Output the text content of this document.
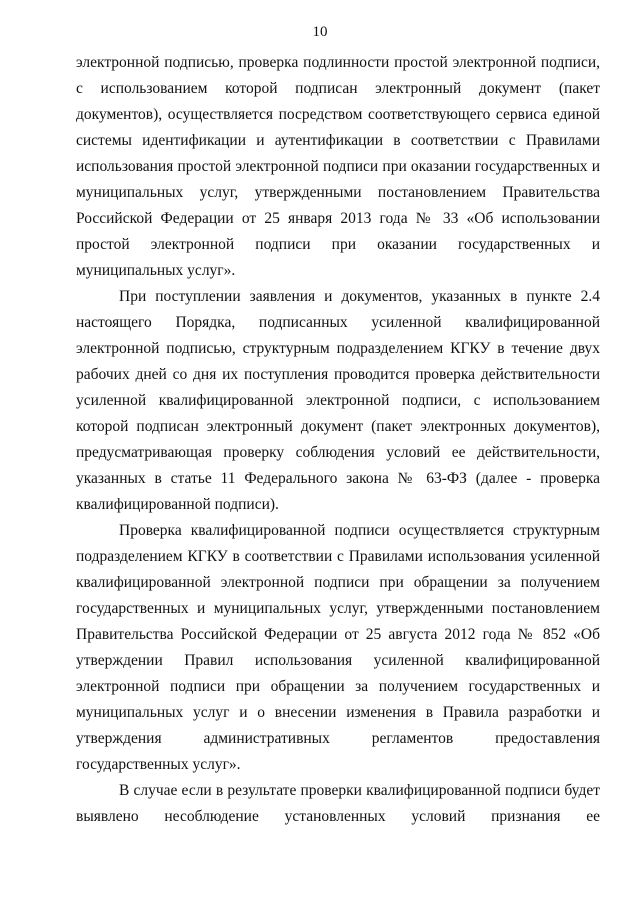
10

электронной подписью, проверка подлинности простой электронной подписи, с использованием которой подписан электронный документ (пакет документов), осуществляется посредством соответствующего сервиса единой системы идентификации и аутентификации в соответствии с Правилами использования простой электронной подписи при оказании государственных и муниципальных услуг, утвержденными постановлением Правительства Российской Федерации от 25 января 2013 года № 33 «Об использовании простой электронной подписи при оказании государственных и муниципальных услуг».

При поступлении заявления и документов, указанных в пункте 2.4 настоящего Порядка, подписанных усиленной квалифицированной электронной подписью, структурным подразделением КГКУ в течение двух рабочих дней со дня их поступления проводится проверка действительности усиленной квалифицированной электронной подписи, с использованием которой подписан электронный документ (пакет электронных документов), предусматривающая проверку соблюдения условий ее действительности, указанных в статье 11 Федерального закона № 63-ФЗ (далее - проверка квалифицированной подписи).

Проверка квалифицированной подписи осуществляется структурным подразделением КГКУ в соответствии с Правилами использования усиленной квалифицированной электронной подписи при обращении за получением государственных и муниципальных услуг, утвержденными постановлением Правительства Российской Федерации от 25 августа 2012 года № 852 «Об утверждении Правил использования усиленной квалифицированной электронной подписи при обращении за получением государственных и муниципальных услуг и о внесении изменения в Правила разработки и утверждения административных регламентов предоставления государственных услуг».

В случае если в результате проверки квалифицированной подписи будет выявлено несоблюдение установленных условий признания ее
